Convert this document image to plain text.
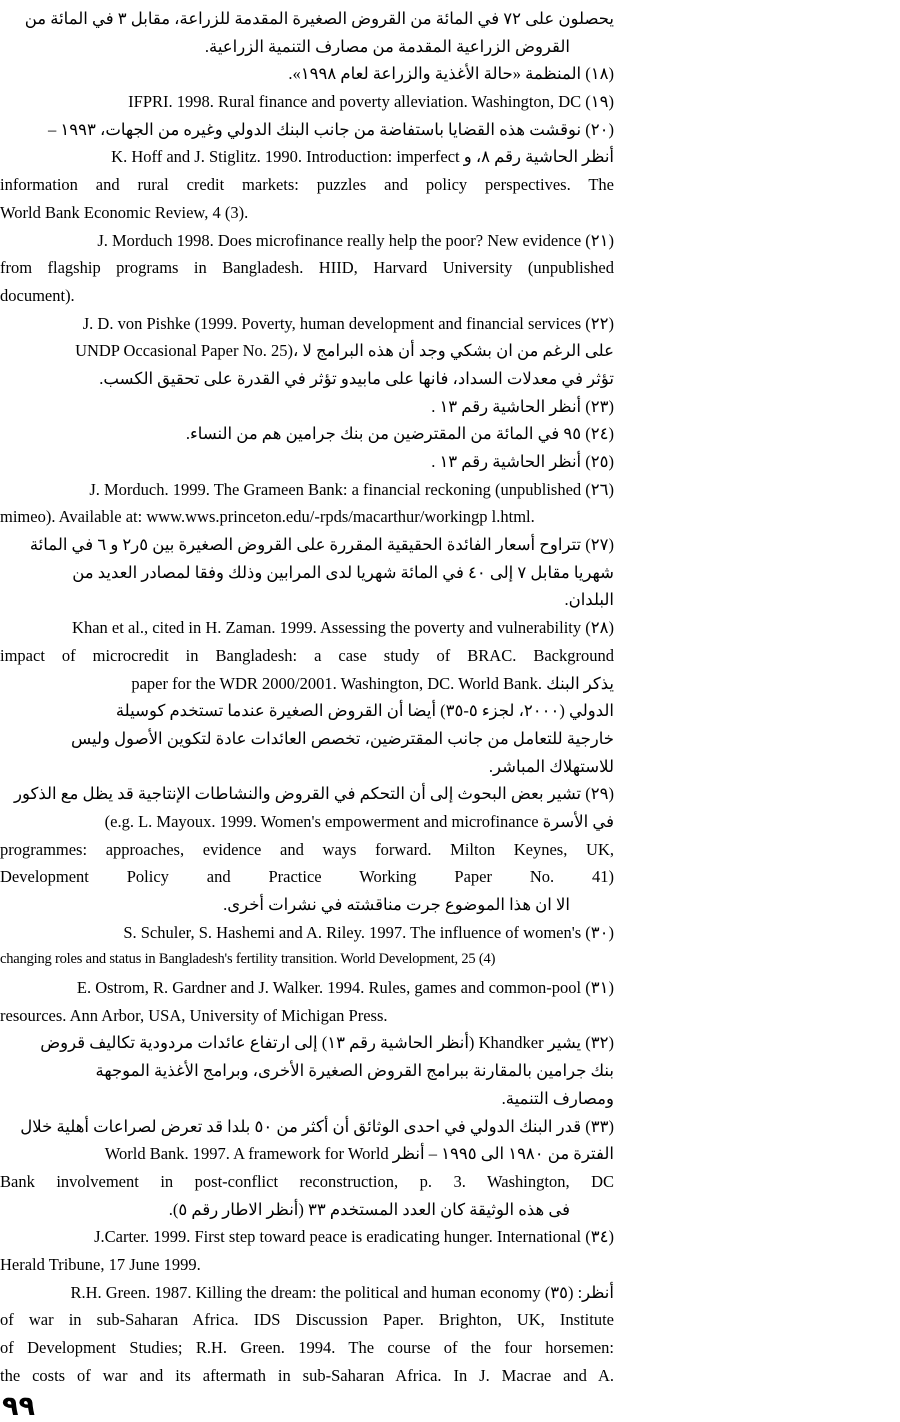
يحصلون على ٧٢ في المائة من القروض الصغيرة المقدمة للزراعة، مقابل ٣ في المائة من
القروض الزراعية المقدمة من مصارف التنمية الزراعية.
(١٨) المنظمة «حالة الأغذية والزراعة لعام ١٩٩٨».
IFPRI. 1998. Rural finance and poverty alleviation. Washington, DC (١٩)
(٢٠) نوقشت هذه القضايا باستفاضة من جانب البنك الدولي وغيره من الجهات، ١٩٩٣ –
K. Hoff and J. Stiglitz. 1990. Introduction: imperfect أنظر الحاشية رقم ٨، و
information and rural credit markets: puzzles and policy perspectives. The
World Bank Economic Review, 4 (3).
J. Morduch 1998. Does microfinance really help the poor? New evidence (٢١)
from flagship programs in Bangladesh. HIID, Harvard University (unpublished
document).
J. D. von Pishke (1999. Poverty, human development and financial services (٢٢)
UNDP Occasional Paper No. 25)، على الرغم من ان بشكي وجد أن هذه البرامج لا
تؤثر في معدلات السداد، فانها على مابيدو تؤثر في القدرة على تحقيق الكسب.
(٢٣) أنظر الحاشية رقم ١٣ .
(٢٤) ٩٥ في المائة من المقترضين من بنك جرامين هم من النساء.
(٢٥) أنظر الحاشية رقم ١٣ .
J. Morduch. 1999. The Grameen Bank: a financial reckoning (unpublished (٢٦)
mimeo). Available at: www.wws.princeton.edu/-rpds/macarthur/workingp l.html.
(٢٧) تتراوح أسعار الفائدة الحقيقية المقررة على القروض الصغيرة بين ٥ر٢ و ٦ في المائة
شهريا مقابل ٧ إلى ٤٠ في المائة شهريا لدى المرابين وذلك وفقا لمصادر العديد من
البلدان.
Khan et al., cited in H. Zaman. 1999. Assessing the poverty and vulnerability (٢٨)
impact of microcredit in Bangladesh: a case study of BRAC. Background
paper for the WDR 2000/2001. Washington, DC. World Bank. يذكر البنك
الدولي (٢٠٠٠، لجزء ٥-٣٥) أيضا أن القروض الصغيرة عندما تستخدم كوسيلة
خارجية للتعامل من جانب المقترضين، تخصص العائدات عادة لتكوين الأصول وليس
للاستهلاك المباشر.
(٢٩) تشير بعض البحوث إلى أن التحكم في القروض والنشاطات الإنتاجية قد يظل مع الذكور
(e.g. L. Mayoux. 1999. Women's empowerment and microfinance في الأسرة
programmes: approaches, evidence and ways forward. Milton Keynes, UK,
Development Policy and Practice Working Paper No. 41)
الا ان هذا الموضوع جرت مناقشته في نشرات أخرى.
S. Schuler, S. Hashemi and A. Riley. 1997. The influence of women's (٣٠)
changing roles and status in Bangladesh's fertility transition. World Development, 25 (4)
E. Ostrom, R. Gardner and J. Walker. 1994. Rules, games and common-pool (٣١)
resources. Ann Arbor, USA, University of Michigan Press.
(٣٢) يشير Khandker (أنظر الحاشية رقم ١٣) إلى ارتفاع عائدات مردودية تكاليف قروض
بنك جرامين بالمقارنة ببرامج القروض الصغيرة الأخرى، وبرامج الأغذية الموجهة
ومصارف التنمية.
(٣٣) قدر البنك الدولي في احدى الوثائق أن أكثر من ٥٠ بلدا قد تعرض لصراعات أهلية خلال
World Bank. 1997. A framework for World الفترة من ١٩٨٠ الى ١٩٩٥ – أنظر
Bank involvement in post-conflict reconstruction, p. 3. Washington, DC
فى هذه الوثيقة كان العدد المستخدم ٣٣ (أنظر الاطار رقم ٥).
J.Carter. 1999. First step toward peace is eradicating hunger. International (٣٤)
Herald Tribune, 17 June 1999.
R.H. Green. 1987. Killing the dream: the political and human economy أنظر: (٣٥)
of war in sub-Saharan Africa. IDS Discussion Paper. Brighton, UK, Institute
of Development Studies; R.H. Green. 1994. The course of the four horsemen:
the costs of war and its aftermath in sub-Saharan Africa. In J. Macrae and A.
٩٩
